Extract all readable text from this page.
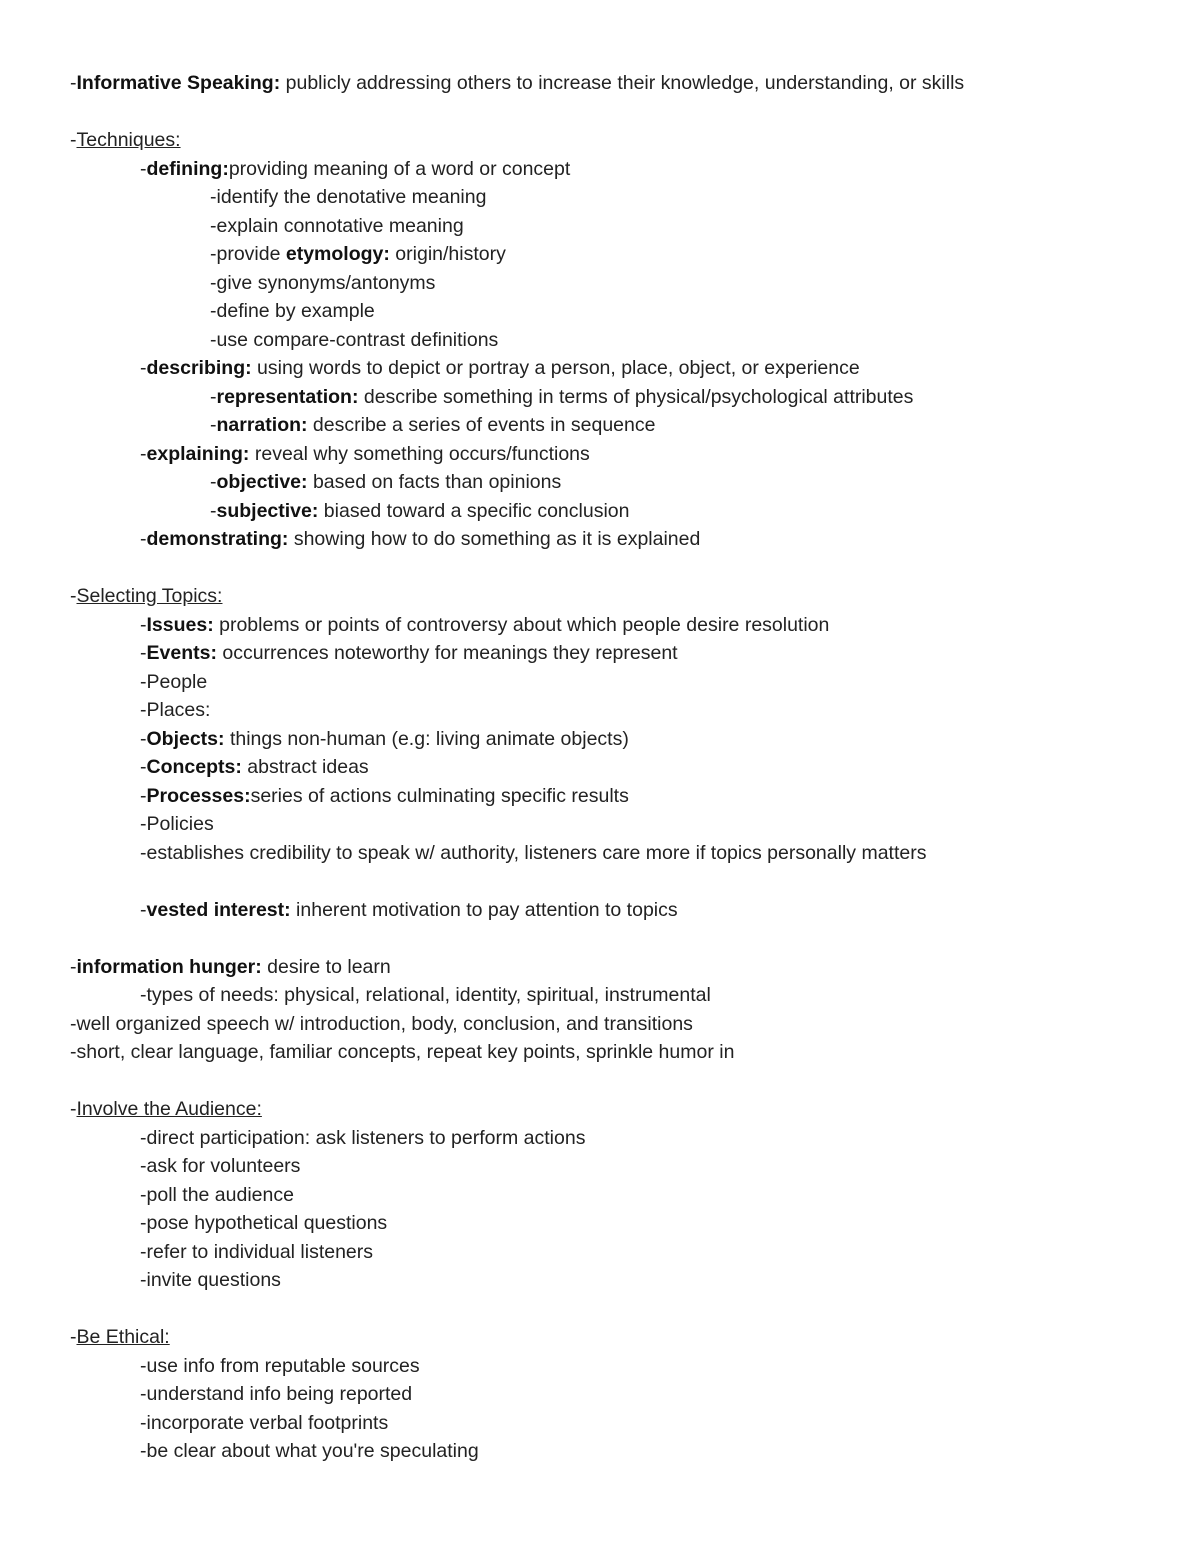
-Informative Speaking: publicly addressing others to increase their knowledge, understanding, or skills
-Techniques:
-defining:providing meaning of a word or concept
-identify the denotative meaning
-explain connotative meaning
-provide etymology: origin/history
-give synonyms/antonyms
-define by example
-use compare-contrast definitions
-describing: using words to depict or portray a person, place, object, or experience
-representation: describe something in terms of physical/psychological attributes
-narration: describe a series of events in sequence
-explaining: reveal why something occurs/functions
-objective: based on facts than opinions
-subjective: biased toward a specific conclusion
-demonstrating: showing how to do something as it is explained
-Selecting Topics:
-Issues: problems or points of controversy about which people desire resolution
-Events: occurrences noteworthy for meanings they represent
-People
-Places:
-Objects: things non-human (e.g: living animate objects)
-Concepts: abstract ideas
-Processes:series of actions culminating specific results
-Policies
-establishes credibility to speak w/ authority, listeners care more if topics personally matters
-vested interest: inherent motivation to pay attention to topics
-information hunger: desire to learn
-types of needs: physical, relational, identity, spiritual, instrumental
-well organized speech w/ introduction, body, conclusion, and transitions
-short, clear language, familiar concepts, repeat key points, sprinkle humor in
-Involve the Audience:
-direct participation: ask listeners to perform actions
-ask for volunteers
-poll the audience
-pose hypothetical questions
-refer to individual listeners
-invite questions
-Be Ethical:
-use info from reputable sources
-understand info being reported
-incorporate verbal footprints
-be clear about what you're speculating
